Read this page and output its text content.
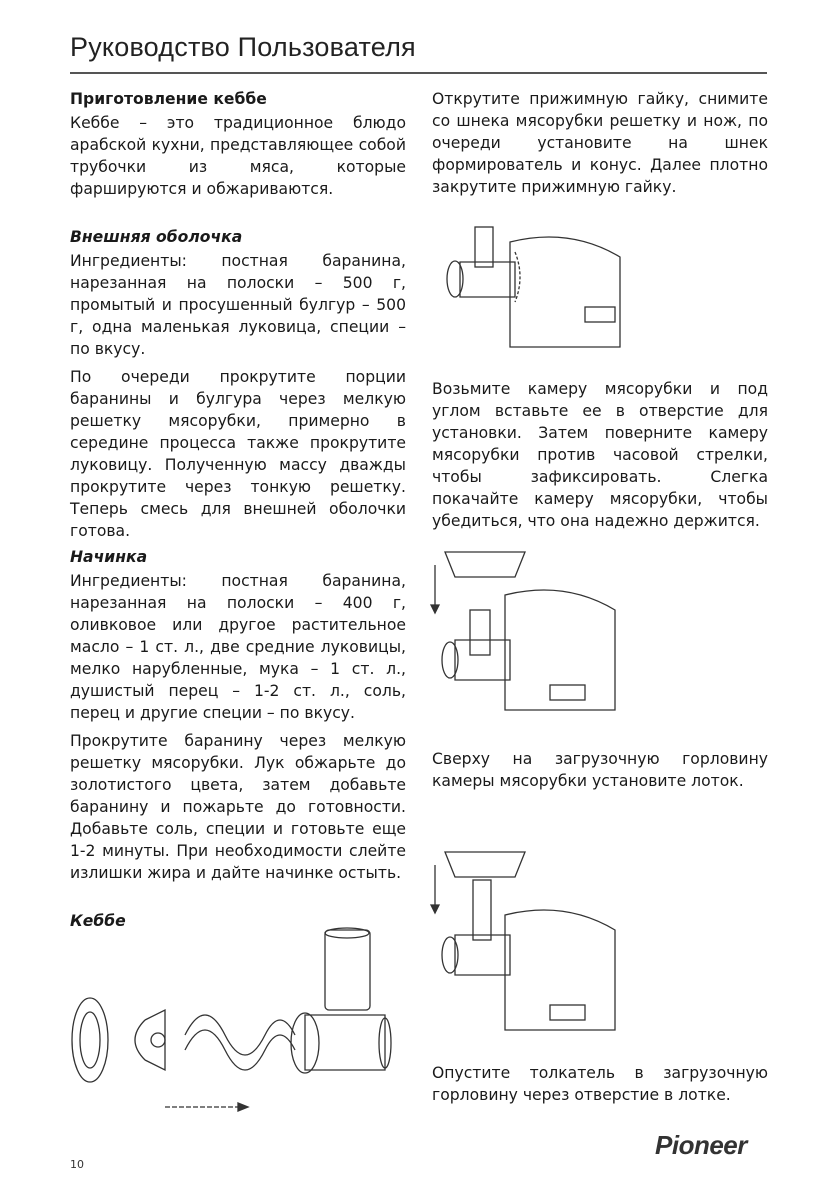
Руководство Пользователя
Приготовление кеббе

Кеббе – это традиционное блюдо арабской кухни, представляющее собой трубочки из мяса, которые фаршируются и обжариваются.

Внешняя оболочка

Ингредиенты: постная баранина, нарезанная на полоски – 500 г, промытый и просушенный булгур – 500 г, одна маленькая луковица, специи – по вкусу.

По очереди прокрутите порции баранины и булгура через мелкую решетку мясорубки, примерно в середине процесса также прокрутите луковицу. Полученную массу дважды прокрутите через тонкую решетку. Теперь смесь для внешней оболочки готова.

Начинка

Ингредиенты: постная баранина, нарезанная на полоски – 400 г, оливковое или другое растительное масло – 1 ст. л., две средние луковицы, мелко нарубленные, мука – 1 ст. л., душистый перец – 1-2 ст. л., соль, перец и другие специи – по вкусу.

Прокрутите баранину через мелкую решетку мясорубки. Лук обжарьте до золотистого цвета, затем добавьте баранину и пожарьте до готовности. Добавьте соль, специи и готовьте еще 1-2 минуты. При необходимости слейте излишки жира и дайте начинке остыть.

Кеббе

Открутите прижимную гайку, снимите со шнека мясорубки решетку и нож, по очереди установите на шнек формирователь и конус. Далее плотно закрутите прижимную гайку.

Возьмите камеру мясорубки и под углом вставьте ее в отверстие для установки. Затем поверните камеру мясорубки против часовой стрелки, чтобы зафиксировать. Слегка покачайте камеру мясорубки, чтобы убедиться, что она надежно держится.

Сверху на загрузочную горловину камеры мясорубки установите лоток.

Опустите толкатель в загрузочную горловину через отверстие в лотке.

Pioneer
10
